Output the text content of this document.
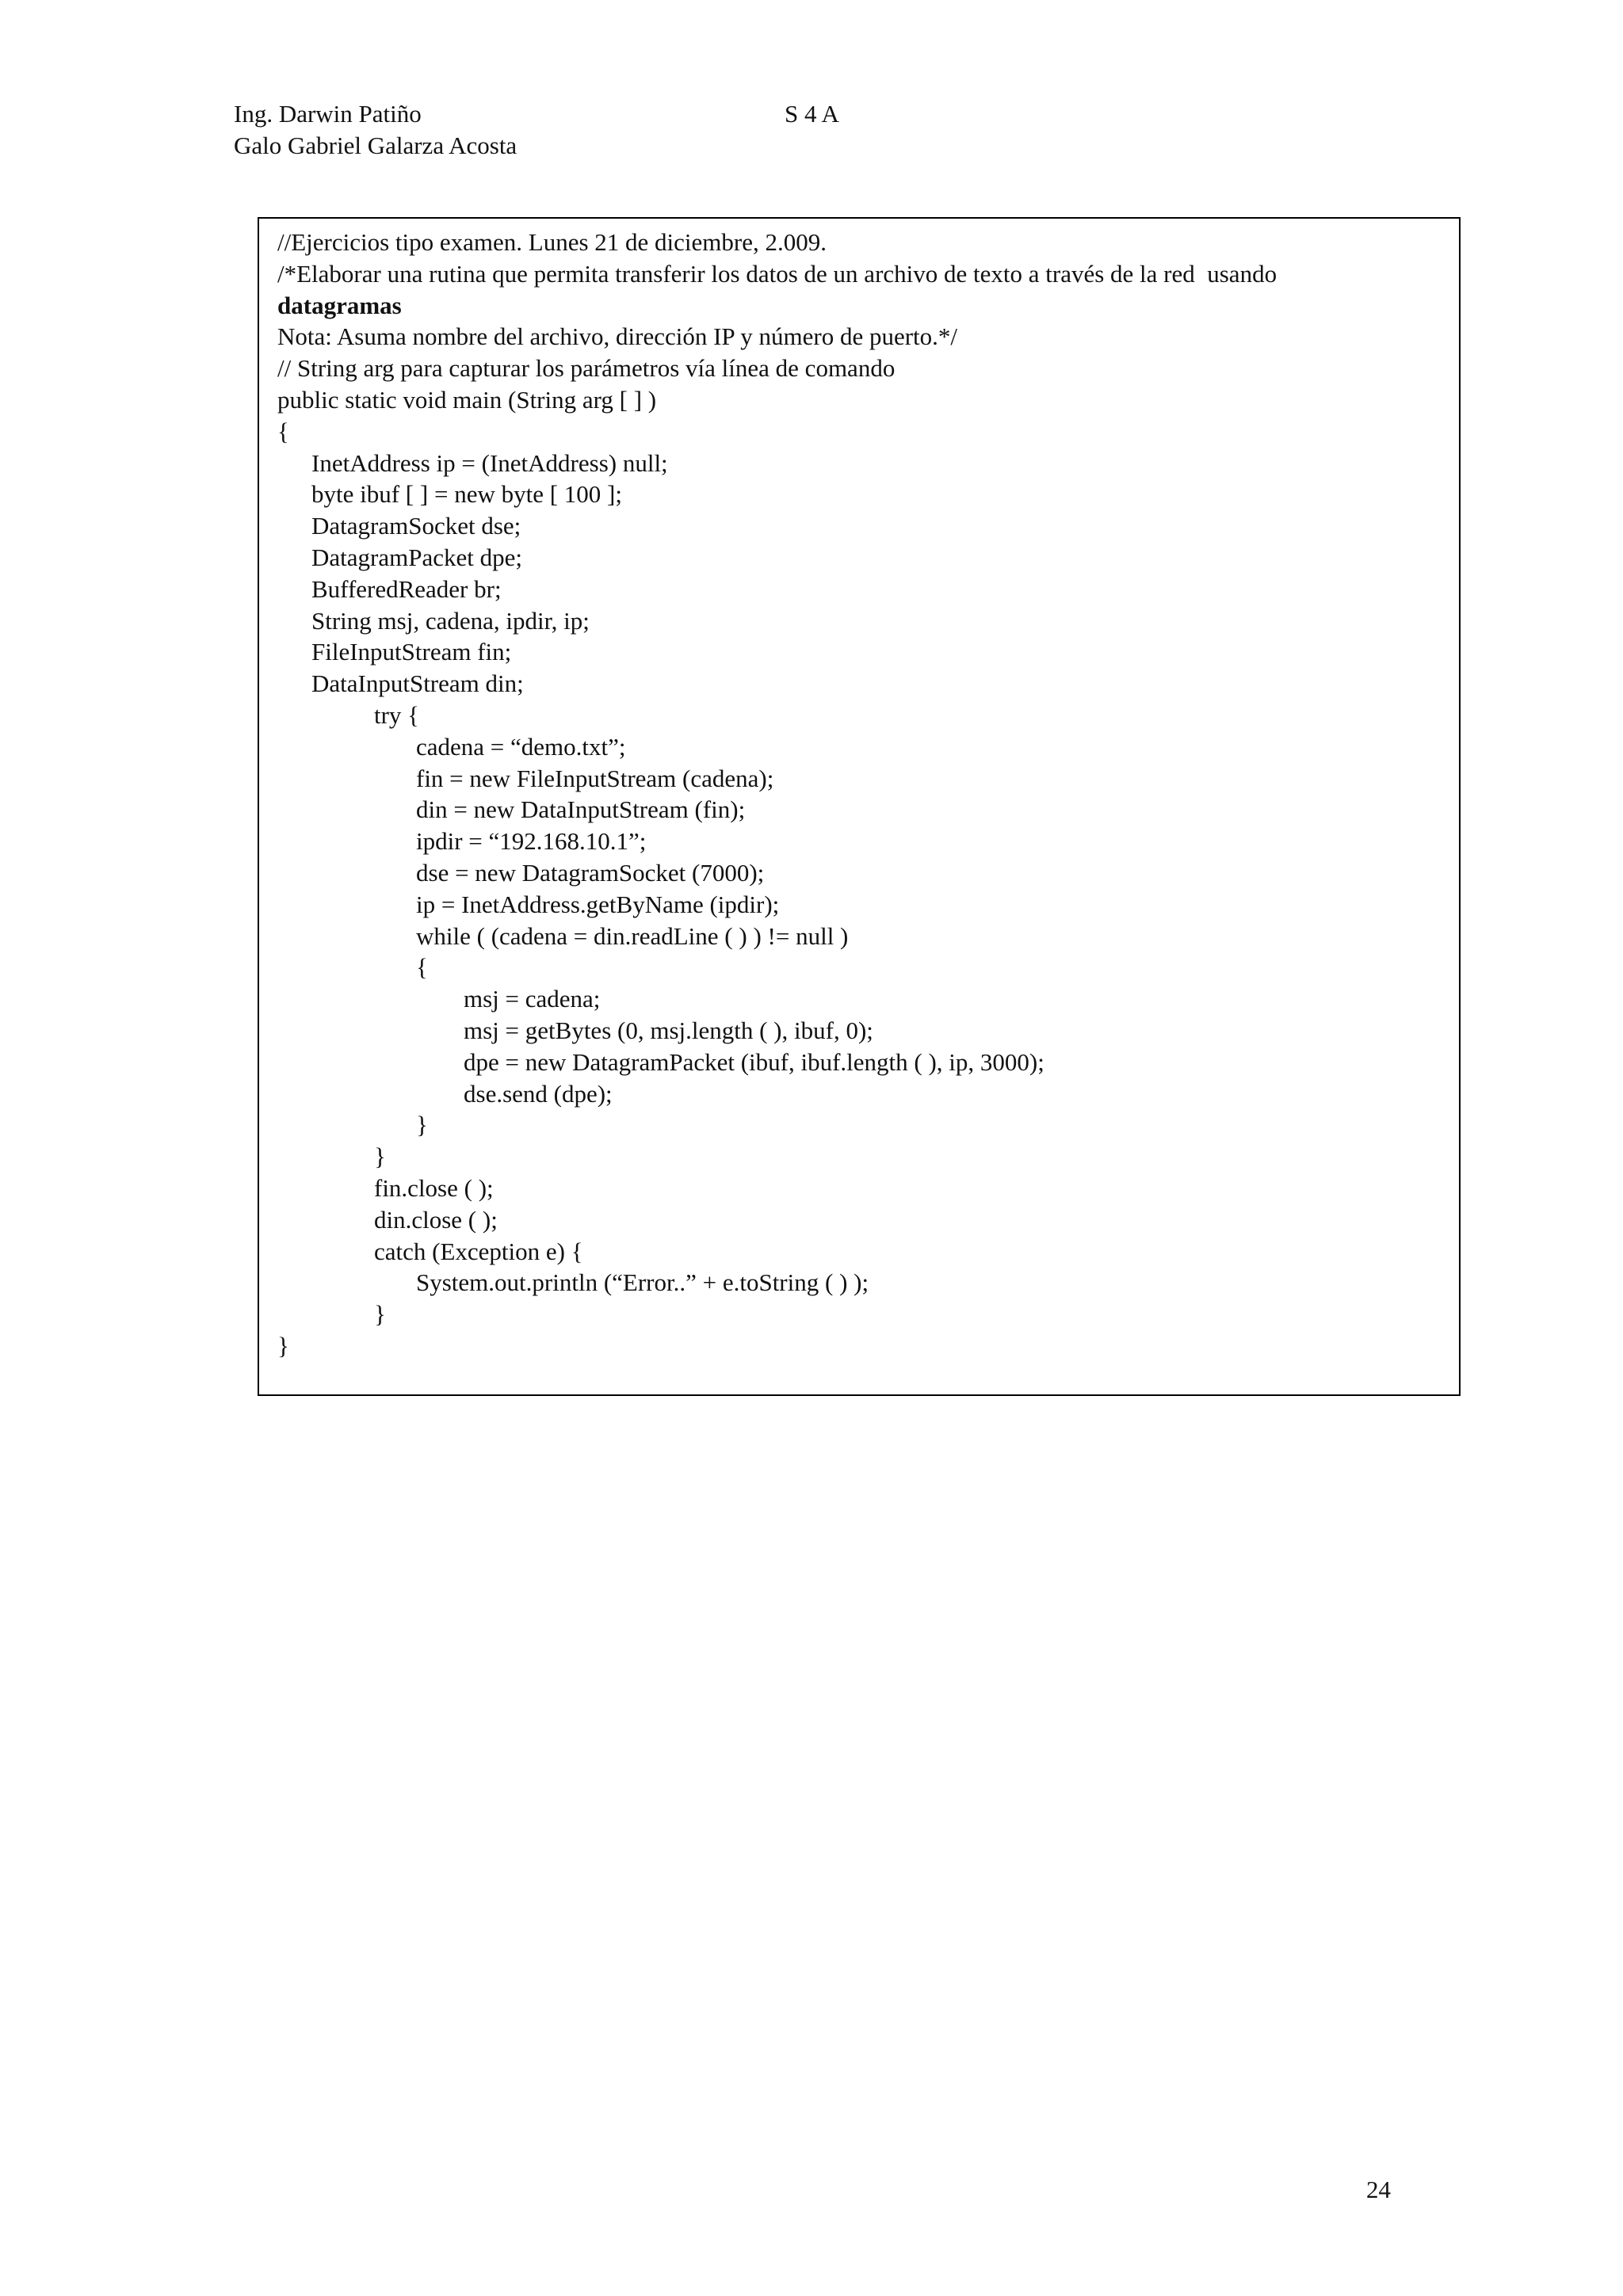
Ing. Darwin Patiño	S 4 A
Galo Gabriel Galarza Acosta
//Ejercicios tipo examen. Lunes 21 de diciembre, 2.009.
/*Elaborar una rutina que permita transferir los datos de un archivo de texto a través de la red  usando
datagramas
Nota: Asuma nombre del archivo, dirección IP y número de puerto.*/
// String arg para capturar los parámetros vía línea de comando
public static void main (String arg [ ] )
{
InetAddress ip = (InetAddress) null;
byte ibuf [ ] = new byte [ 100 ];
DatagramSocket dse;
DatagramPacket dpe;
BufferedReader br;
String msj, cadena, ipdir, ip;
FileInputStream fin;
DataInputStream din;
try {
cadena = “demo.txt”;
fin = new FileInputStream (cadena);
din = new DataInputStream (fin);
ipdir = “192.168.10.1”;
dse = new DatagramSocket (7000);
ip = InetAddress.getByName (ipdir);
while ( (cadena = din.readLine ( ) ) != null )
{
msj = cadena;
msj = getBytes (0, msj.length ( ), ibuf, 0);
dpe = new DatagramPacket (ibuf, ibuf.length ( ), ip, 3000);
dse.send (dpe);
}
}
fin.close ( );
din.close ( );
catch (Exception e) {
System.out.println (“Error..” + e.toString ( ) );
}
}
24
